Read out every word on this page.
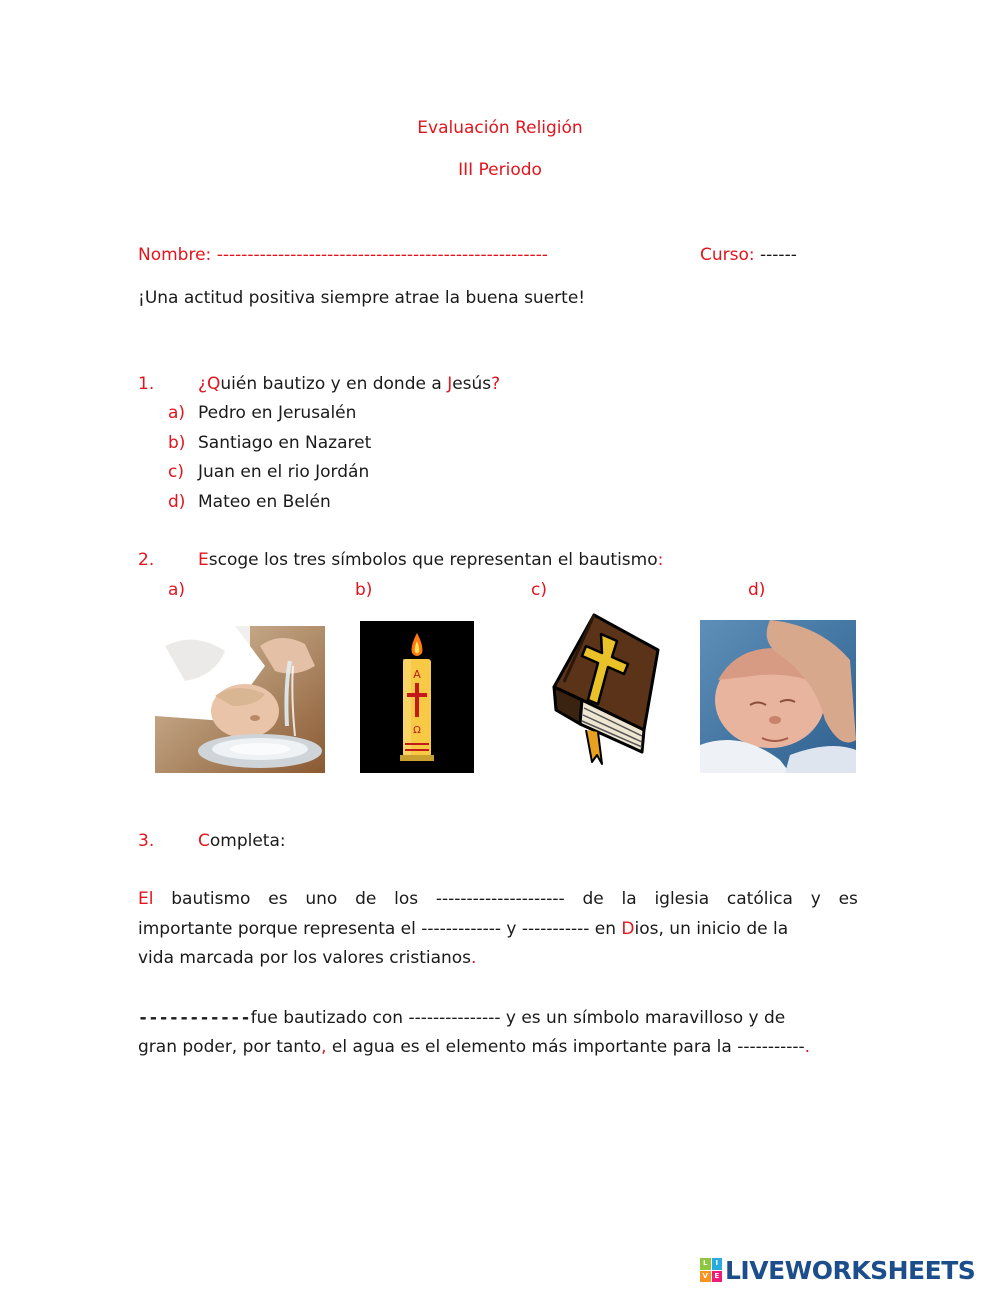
Evaluación Religión
III Periodo
Nombre: ------------------------------------------------------	Curso: ------
¡Una actitud positiva siempre atrae la buena suerte!
1.	¿Quién bautizo y en donde a Jesús?
a) Pedro en Jerusalén
b) Santiago en Nazaret
c) Juan en el rio Jordán
d) Mateo en Belén
2.	Escoge los tres símbolos que representan el bautismo:
a)	b)	c)	d)
A
Ω
3.	Completa:
El bautismo es uno de los --------------------- de la iglesia católica y es
importante porque representa el ------------- y ----------- en Dios, un inicio de la
vida marcada por los valores cristianos.
-----------fue bautizado con --------------- y es un símbolo maravilloso y de
gran poder, por tanto, el agua es el elemento más importante para la -----------.
L	I
V E LIVEWORKSHEETS
